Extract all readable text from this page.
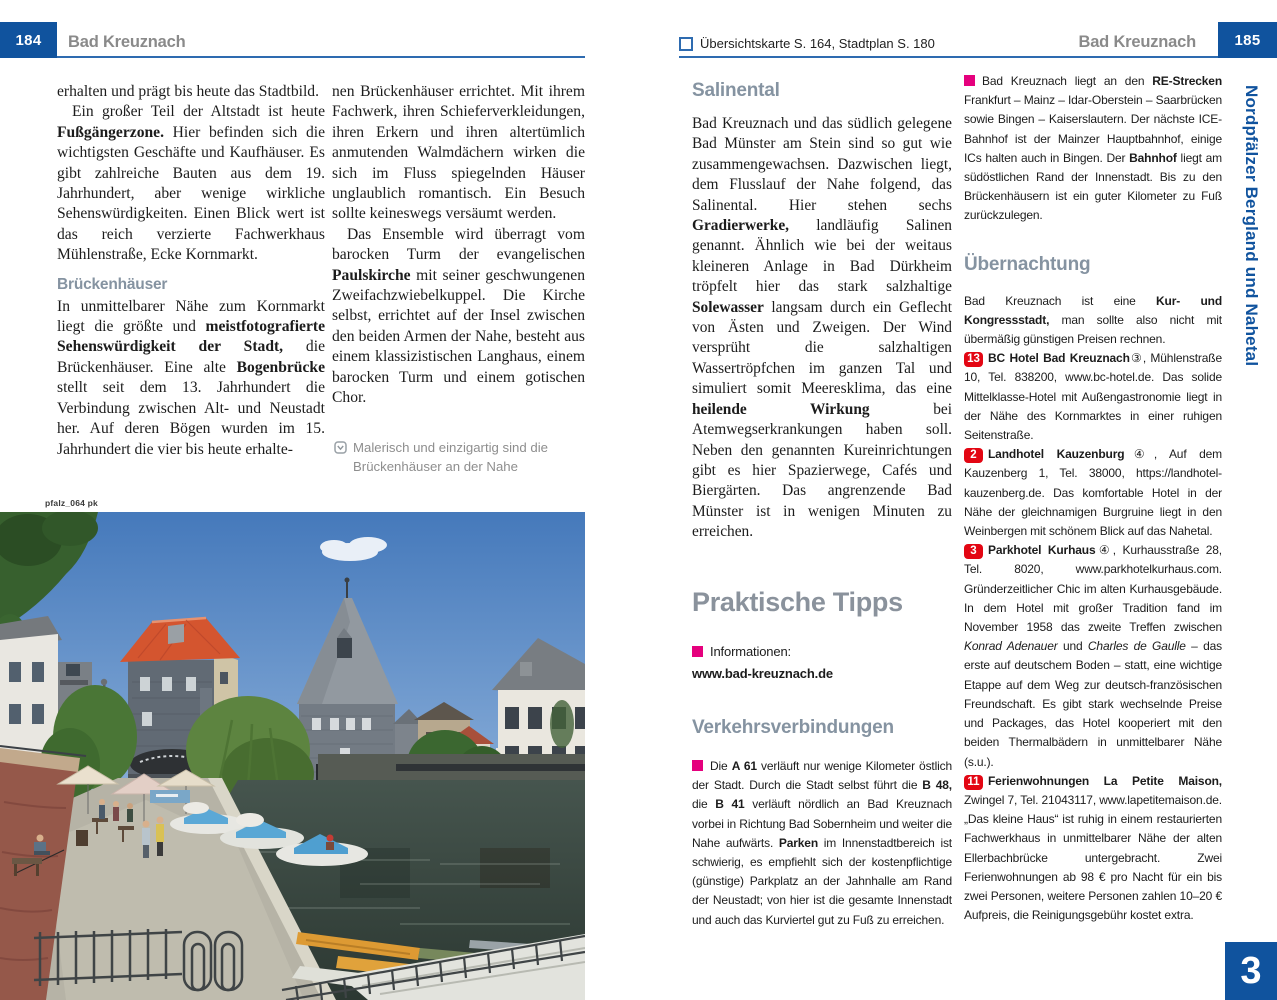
184	Bad Kreuznach	Übersichtskarte S. 164, Stadtplan S. 180	Bad Kreuznach	185
Nordpfälzer Bergland und Nahetal
3

erhalten und prägt bis heute das Stadtbild.

Ein großer Teil der Altstadt ist heute Fußgängerzone. Hier befinden sich die wichtigsten Geschäfte und Kaufhäuser. Es gibt zahlreiche Bauten aus dem 19. Jahrhundert, aber wenige wirkliche Sehenswürdigkeiten. Einen Blick wert ist das reich verzierte Fachwerkhaus Mühlenstraße, Ecke Kornmarkt.

Brückenhäuser

In unmittelbarer Nähe zum Kornmarkt liegt die größte und meistfotografierte Sehenswürdigkeit der Stadt, die Brückenhäuser. Eine alte Bogenbrücke stellt seit dem 13. Jahrhundert die Verbindung zwischen Alt- und Neustadt her. Auf deren Bögen wurden im 15. Jahrhundert die vier bis heute erhalte-

nen Brückenhäuser errichtet. Mit ihrem Fachwerk, ihren Schieferverkleidungen, ihren Erkern und ihren altertümlich anmutenden Walmdächern wirken die sich im Fluss spiegelnden Häuser unglaublich romantisch. Ein Besuch sollte keineswegs versäumt werden.

Das Ensemble wird überragt vom barocken Turm der evangelischen Paulskirche mit seiner geschwungenen Zweifachzwiebelkuppel. Die Kirche selbst, errichtet auf der Insel zwischen den beiden Armen der Nahe, besteht aus einem klassizistischen Langhaus, einem barocken Turm und einem gotischen Chor.

Malerisch und einzigartig sind die Brückenhäuser an der Nahe
pfalz_064 pk
Salinental

Bad Kreuznach und das südlich gelegene Bad Münster am Stein sind so gut wie zusammengewachsen. Dazwischen liegt, dem Flusslauf der Nahe folgend, das Salinental. Hier stehen sechs Gradierwerke, landläufig Salinen genannt. Ähnlich wie bei der weitaus kleineren Anlage in Bad Dürkheim tröpfelt hier das stark salzhaltige Solewasser langsam durch ein Geflecht von Ästen und Zweigen. Der Wind versprüht die salzhaltigen Wassertröpfchen im ganzen Tal und simuliert somit Meeresklima, das eine heilende Wirkung bei Atemwegserkrankungen haben soll. Neben den genannten Kureinrichtungen gibt es hier Spazierwege, Cafés und Biergärten. Das angrenzende Bad Münster ist in wenigen Minuten zu erreichen.

Praktische Tipps

Informationen:

www.bad-kreuznach.de

Verkehrsverbindungen

Die A 61 verläuft nur wenige Kilometer östlich der Stadt. Durch die Stadt selbst führt die B 48, die B 41 verläuft nördlich an Bad Kreuznach vorbei in Richtung Bad Sobernheim und weiter die Nahe aufwärts. Parken im Innenstadtbereich ist schwierig, es empfiehlt sich der kostenpflichtige (günstige) Parkplatz an der Jahnhalle am Rand der Neustadt; von hier ist die gesamte Innenstadt und auch das Kurviertel gut zu Fuß zu erreichen.

Bad Kreuznach liegt an den RE-Strecken Frankfurt – Mainz – Idar-Oberstein – Saarbrücken sowie Bingen – Kaiserslautern. Der nächste ICE-Bahnhof ist der Mainzer Hauptbahnhof, einige ICs halten auch in Bingen. Der Bahnhof liegt am südöstlichen Rand der Innenstadt. Bis zu den Brückenhäusern ist ein guter Kilometer zu Fuß zurückzulegen.

Übernachtung

Bad Kreuznach ist eine Kur- und Kongressstadt, man sollte also nicht mit übermäßig günstigen Preisen rechnen.

13 BC Hotel Bad Kreuznach③, Mühlenstraße 10, Tel. 838200, www.bc-hotel.de. Das solide Mittelklasse-Hotel mit Außengastronomie liegt in der Nähe des Kornmarktes in einer ruhigen Seitenstraße.

2 Landhotel Kauzenburg④, Auf dem Kauzenberg 1, Tel. 38000, https://landhotel-kauzenberg.de. Das komfortable Hotel in der Nähe der gleichnamigen Burgruine liegt in den Weinbergen mit schönem Blick auf das Nahetal.

3 Parkhotel Kurhaus④, Kurhausstraße 28, Tel. 8020, www.parkhotelkurhaus.com. Gründerzeitlicher Chic im alten Kurhausgebäude. In dem Hotel mit großer Tradition fand im November 1958 das zweite Treffen zwischen Konrad Adenauer und Charles de Gaulle – das erste auf deutschem Boden – statt, eine wichtige Etappe auf dem Weg zur deutsch-französischen Freundschaft. Es gibt stark wechselnde Preise und Packages, das Hotel kooperiert mit den beiden Thermalbädern in unmittelbarer Nähe (s.u.).

11 Ferienwohnungen La Petite Maison, Zwingel 7, Tel. 21043117, www.lapetitemaison.de. „Das kleine Haus“ ist ruhig in einem restaurierten Fachwerkhaus in unmittelbarer Nähe der alten Ellerbachbrücke untergebracht. Zwei Ferienwohnungen ab 98 € pro Nacht für ein bis zwei Personen, weitere Personen zahlen 10–20 € Aufpreis, die Reinigungsgebühr kostet extra.
